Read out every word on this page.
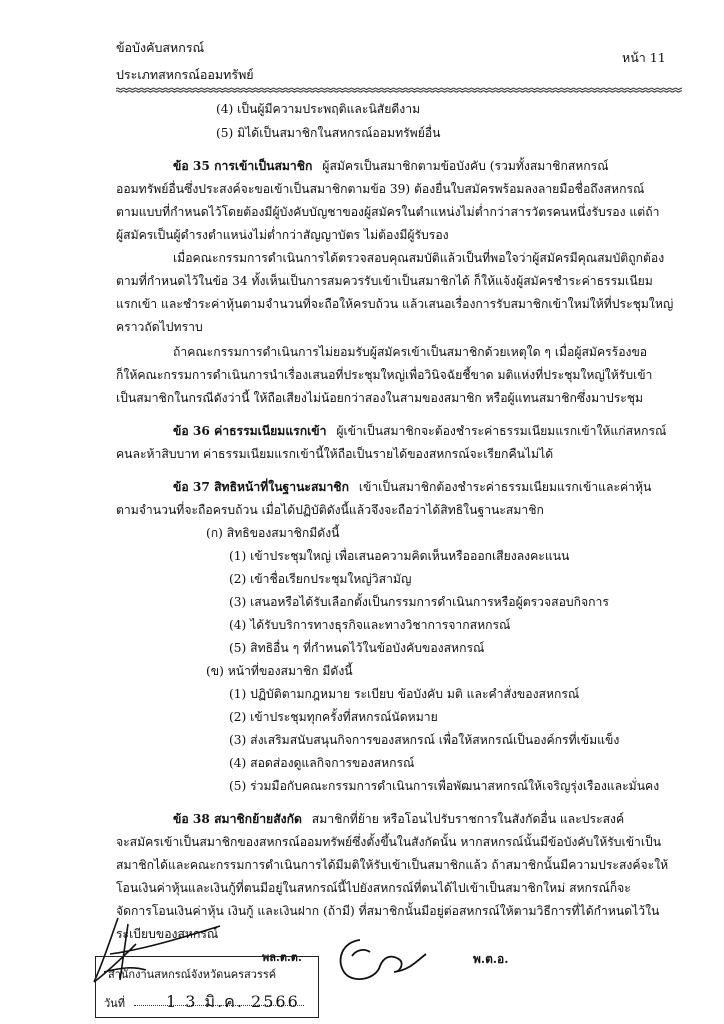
ข้อบังคับสหกรณ์
หน้า 11
ประเภทสหกรณ์ออมทรัพย์
(4) เป็นผู้มีความประพฤติและนิสัยดีงาม
(5) มิได้เป็นสมาชิกในสหกรณ์ออมทรัพย์อื่น
ข้อ 35 การเข้าเป็นสมาชิก ผู้สมัครเป็นสมาชิกตามข้อบังคับ (รวมทั้งสมาชิกสหกรณ์
ออมทรัพย์อื่นซึ่งประสงค์จะขอเข้าเป็นสมาชิกตามข้อ 39) ต้องยื่นใบสมัครพร้อมลงลายมือชื่อถึงสหกรณ์
ตามแบบที่กำหนดไว้โดยต้องมีผู้บังคับบัญชาของผู้สมัครในตำแหน่งไม่ต่ำกว่าสารวัตรคนหนึ่งรับรอง แต่ถ้า
ผู้สมัครเป็นผู้ดำรงตำแหน่งไม่ต่ำกว่าสัญญาบัตร ไม่ต้องมีผู้รับรอง
เมื่อคณะกรรมการดำเนินการได้ตรวจสอบคุณสมบัติแล้วเป็นที่พอใจว่าผู้สมัครมีคุณสมบัติถูกต้อง
ตามที่กำหนดไว้ในข้อ 34 ทั้งเห็นเป็นการสมควรรับเข้าเป็นสมาชิกได้ ก็ให้แจ้งผู้สมัครชำระค่าธรรมเนียม
แรกเข้า และชำระค่าหุ้นตามจำนวนที่จะถือให้ครบถ้วน แล้วเสนอเรื่องการรับสมาชิกเข้าใหม่ให้ที่ประชุมใหญ่
คราวถัดไปทราบ
ถ้าคณะกรรมการดำเนินการไม่ยอมรับผู้สมัครเข้าเป็นสมาชิกด้วยเหตุใด ๆ เมื่อผู้สมัครร้องขอ
ก็ให้คณะกรรมการดำเนินการนำเรื่องเสนอที่ประชุมใหญ่เพื่อวินิจฉัยชี้ขาด มติแห่งที่ประชุมใหญ่ให้รับเข้า
เป็นสมาชิกในกรณีดังว่านี้ ให้ถือเสียงไม่น้อยกว่าสองในสามของสมาชิก หรือผู้แทนสมาชิกซึ่งมาประชุม
ข้อ 36 ค่าธรรมเนียมแรกเข้า ผู้เข้าเป็นสมาชิกจะต้องชำระค่าธรรมเนียมแรกเข้าให้แก่สหกรณ์
คนละห้าสิบบาท ค่าธรรมเนียมแรกเข้านี้ให้ถือเป็นรายได้ของสหกรณ์จะเรียกคืนไม่ได้
ข้อ 37 สิทธิหน้าที่ในฐานะสมาชิก เข้าเป็นสมาชิกต้องชำระค่าธรรมเนียมแรกเข้าและค่าหุ้น
ตามจำนวนที่จะถือครบถ้วน เมื่อได้ปฏิบัติดังนี้แล้วจึงจะถือว่าได้สิทธิในฐานะสมาชิก
(ก) สิทธิของสมาชิกมีดังนี้
(1) เข้าประชุมใหญ่ เพื่อเสนอความคิดเห็นหรือออกเสียงลงคะแนน
(2) เข้าชื่อเรียกประชุมใหญ่วิสามัญ
(3) เสนอหรือได้รับเลือกตั้งเป็นกรรมการดำเนินการหรือผู้ตรวจสอบกิจการ
(4) ได้รับบริการทางธุรกิจและทางวิชาการจากสหกรณ์
(5) สิทธิอื่น ๆ ที่กำหนดไว้ในข้อบังคับของสหกรณ์
(ข) หน้าที่ของสมาชิก มีดังนี้
(1) ปฏิบัติตามกฎหมาย ระเบียบ ข้อบังคับ มติ และคำสั่งของสหกรณ์
(2) เข้าประชุมทุกครั้งที่สหกรณ์นัดหมาย
(3) ส่งเสริมสนับสนุนกิจการของสหกรณ์ เพื่อให้สหกรณ์เป็นองค์กรที่เข้มแข็ง
(4) สอดส่องดูแลกิจการของสหกรณ์
(5) ร่วมมือกับคณะกรรมการดำเนินการเพื่อพัฒนาสหกรณ์ให้เจริญรุ่งเรืองและมั่นคง
ข้อ 38 สมาชิกย้ายสังกัด สมาชิกที่ย้าย หรือโอนไปรับราชการในสังกัดอื่น และประสงค์
จะสมัครเข้าเป็นสมาชิกของสหกรณ์ออมทรัพย์ซึ่งตั้งขึ้นในสังกัดนั้น หากสหกรณ์นั้นมีข้อบังคับให้รับเข้าเป็น
สมาชิกได้และคณะกรรมการดำเนินการได้มีมติให้รับเข้าเป็นสมาชิกแล้ว ถ้าสมาชิกนั้นมีความประสงค์จะให้
โอนเงินค่าหุ้นและเงินกู้ที่ตนมีอยู่ในสหกรณ์นี้ไปยังสหกรณ์ที่ตนได้ไปเข้าเป็นสมาชิกใหม่ สหกรณ์ก็จะ
จัดการโอนเงินค่าหุ้น เงินกู้ และเงินฝาก (ถ้ามี) ที่สมาชิกนั้นมีอยู่ต่อสหกรณ์ให้ตามวิธีการที่ได้กำหนดไว้ใน
ระเบียบของสหกรณ์
พล.ต.ต.	พ.ต.อ.
สำนักงานสหกรณ์จังหวัดนครสวรรค์
วันที่	1 3 มิ.ค. 2566
